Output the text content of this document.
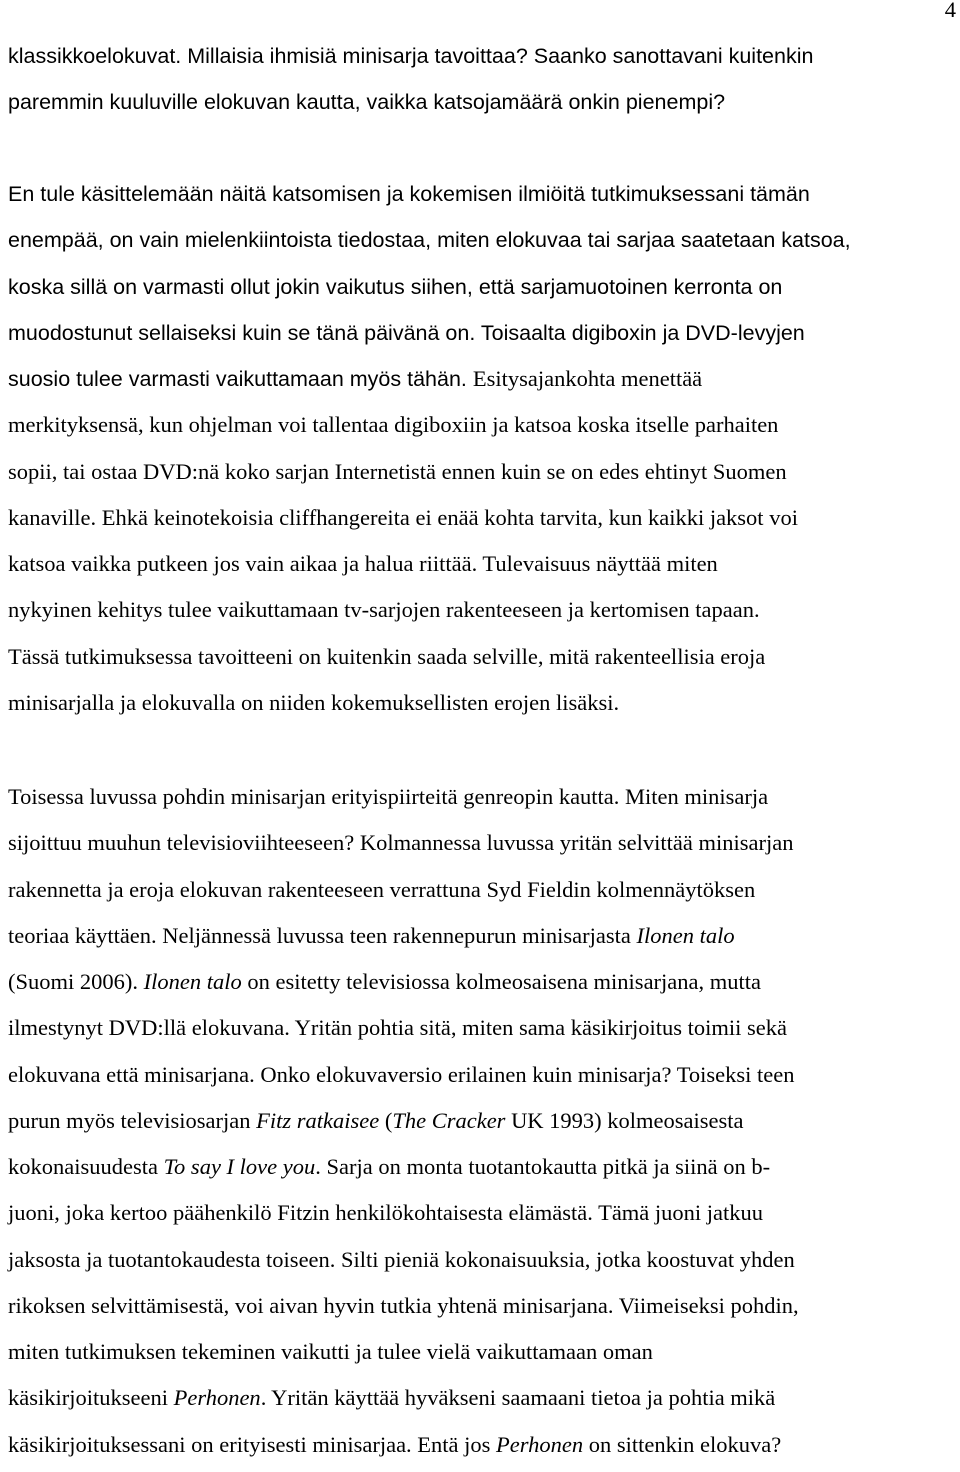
4
klassikkoelokuvat. Millaisia ihmisiä minisarja tavoittaa? Saanko sanottavani kuitenkin
paremmin kuuluville elokuvan kautta, vaikka katsojamäärä onkin pienempi?
En tule käsittelemään näitä katsomisen ja kokemisen ilmiöitä tutkimuksessani tämän
enempää, on vain mielenkiintoista tiedostaa, miten elokuvaa tai sarjaa saatetaan katsoa,
koska sillä on varmasti ollut jokin vaikutus siihen, että sarjamuotoinen kerronta on
muodostunut sellaiseksi kuin se tänä päivänä on. Toisaalta digiboxin ja DVD-levyjen
suosio tulee varmasti vaikuttamaan myös tähän. Esitysajankohta menettää
merkityksensä, kun ohjelman voi tallentaa digiboxiin ja katsoa koska itselle parhaiten
sopii, tai ostaa DVD:nä koko sarjan Internetistä ennen kuin se on edes ehtinyt Suomen
kanaville. Ehkä keinotekoisia cliffhangereita ei enää kohta tarvita, kun kaikki jaksot voi
katsoa vaikka putkeen jos vain aikaa ja halua riittää. Tulevaisuus näyttää miten
nykyinen kehitys tulee vaikuttamaan tv-sarjojen rakenteeseen ja kertomisen tapaan.
Tässä tutkimuksessa tavoitteeni on kuitenkin saada selville, mitä rakenteellisia eroja
minisarjalla ja elokuvalla on niiden kokemuksellisten erojen lisäksi.
Toisessa luvussa pohdin minisarjan erityispiirteitä genreopin kautta. Miten minisarja
sijoittuu muuhun televisioviihteeseen? Kolmannessa luvussa yritän selvittää minisarjan
rakennetta ja eroja elokuvan rakenteeseen verrattuna Syd Fieldin kolmennäytöksen
teoriaa käyttäen. Neljännessä luvussa teen rakennepurun minisarjasta Ilonen talo
(Suomi 2006). Ilonen talo on esitetty televisiossa kolmeosaisena minisarjana, mutta
ilmestynyt DVD:llä elokuvana. Yritän pohtia sitä, miten sama käsikirjoitus toimii sekä
elokuvana että minisarjana. Onko elokuvaversio erilainen kuin minisarja? Toiseksi teen
purun myös televisiosarjan Fitz ratkaisee (The Cracker UK 1993) kolmeosaisesta
kokonaisuudesta To say I love you. Sarja on monta tuotantokautta pitkä ja siinä on b-
juoni, joka kertoo päähenkilö Fitzin henkilökohtaisesta elämästä. Tämä juoni jatkuu
jaksosta ja tuotantokaudesta toiseen. Silti pieniä kokonaisuuksia, jotka koostuvat yhden
rikoksen selvittämisestä, voi aivan hyvin tutkia yhtenä minisarjana. Viimeiseksi pohdin,
miten tutkimuksen tekeminen vaikutti ja tulee vielä vaikuttamaan oman
käsikirjoitukseeni Perhonen. Yritän käyttää hyväkseni saamaani tietoa ja pohtia mikä
käsikirjoituksessani on erityisesti minisarjaa. Entä jos Perhonen on sittenkin elokuva?
